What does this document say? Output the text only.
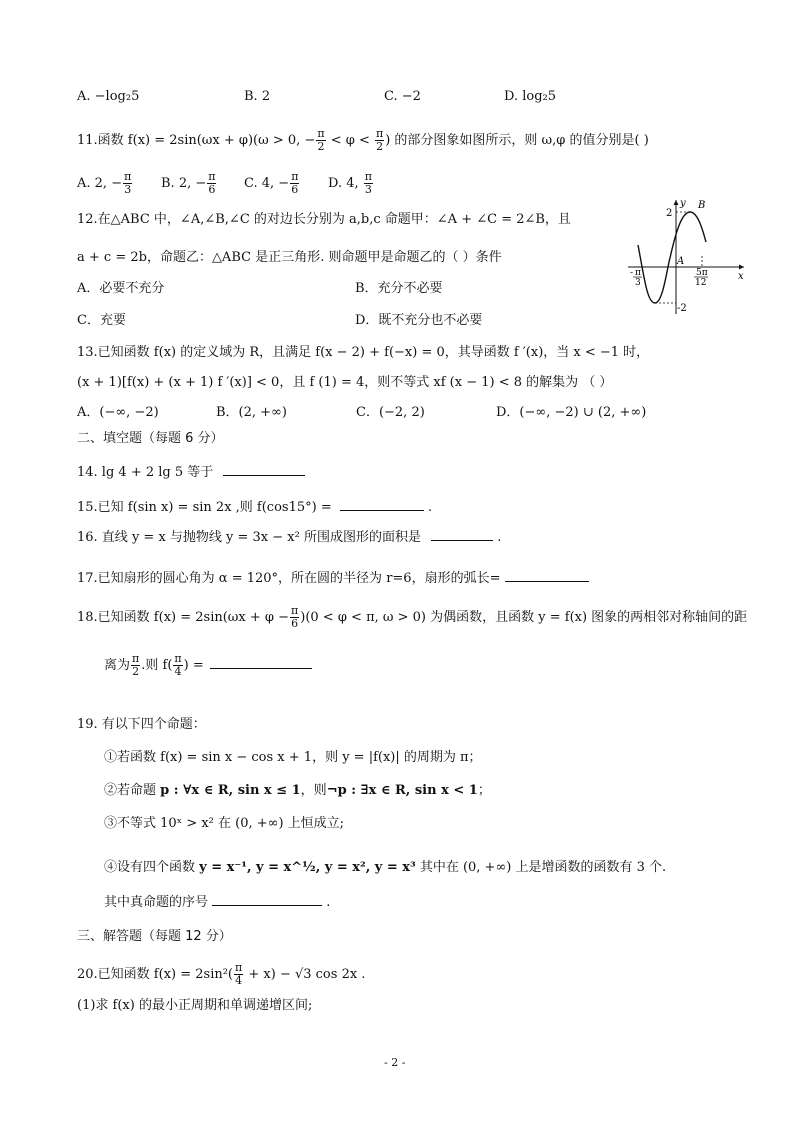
A. −log₂5	B. 2	C. −2	D. log₂5
11.函数 f(x) = 2sin(ωx + φ)(ω > 0, − $\frac{\pi}{2} < \varphi < \frac{\pi}{2}$ ) 的部分图象如图所示，则 ω,φ 的值分别是( )
A. 2, − $\frac{\pi}{3} B$. 2, − $\frac{\pi}{6} C$. 4, − $\frac{\pi}{6} D$. 4, $\frac{\pi}{3}$
12.在△ABC 中，∠A,∠B,∠C 的对边长分别为 a,b,c 命题甲：∠A + ∠C = 2∠B，且
a + c = 2b，命题乙：△ABC 是正三角形. 则命题甲是命题乙的（ ）条件
A．必要不充分	B．充分不必要
C．充要	D．既不充分也不必要
y
x
2
B
A
-2
- π
3
5π
12
13.已知函数 f(x) 的定义域为 R，且满足 f(x − 2) + f(−x) = 0，其导函数 f ′(x)，当 x < −1 时，
(x + 1)[f(x) + (x + 1) f ′(x)] < 0，且 f (1) = 4，则不等式 xf (x − 1) < 8 的解集为 （ ）
A．(−∞, −2)	B．(2, +∞)	C．(−2, 2)	D．(−∞, −2) ∪ (2, +∞)
二、填空题（每题 6 分）
14. lg 4 + 2 lg 5 等于
15.已知 f(sin x) = sin 2x ,则 f(cos15°) =	.
16. 直线 y = x 与抛物线 y = 3x − x² 所围成图形的面积是	.
17.已知扇形的圆心角为 α = 120°，所在圆的半径为 r=6，扇形的弧长=
18.已知函数 $f(x) = 2\sin(\omega x + \varphi - \frac{\pi}{6} )(0 < \varphi < \pi$, ω > 0) 为偶函数，且函数 y = f(x) 图象的两相邻对称轴间的距
离为 $\frac{\pi}{2}$ .则 $f( \frac{\pi}{4}$ ) =
19. 有以下四个命题：
①若函数 f(x) = sin x − cos x + 1，则 y = |f(x)| 的周期为 π；
②若命题 p : ∀x ∈ R, sin x ≤ 1，则¬p : ∃x ∈ R, sin x < 1；
③不等式 10ˣ > x² 在 (0, +∞) 上恒成立;
④设有四个函数 y = x⁻¹, y = x^½, y = x², y = x³ 其中在 (0, +∞) 上是增函数的函数有 3 个.
其中真命题的序号	.
三、解答题（每题 12 分）
20.已知函数 $f(x) = 2\sin^2( \frac{\pi}{4} + x) - √3$ cos 2x .
(1)求 f(x) 的最小正周期和单调递增区间;
- 2 -
